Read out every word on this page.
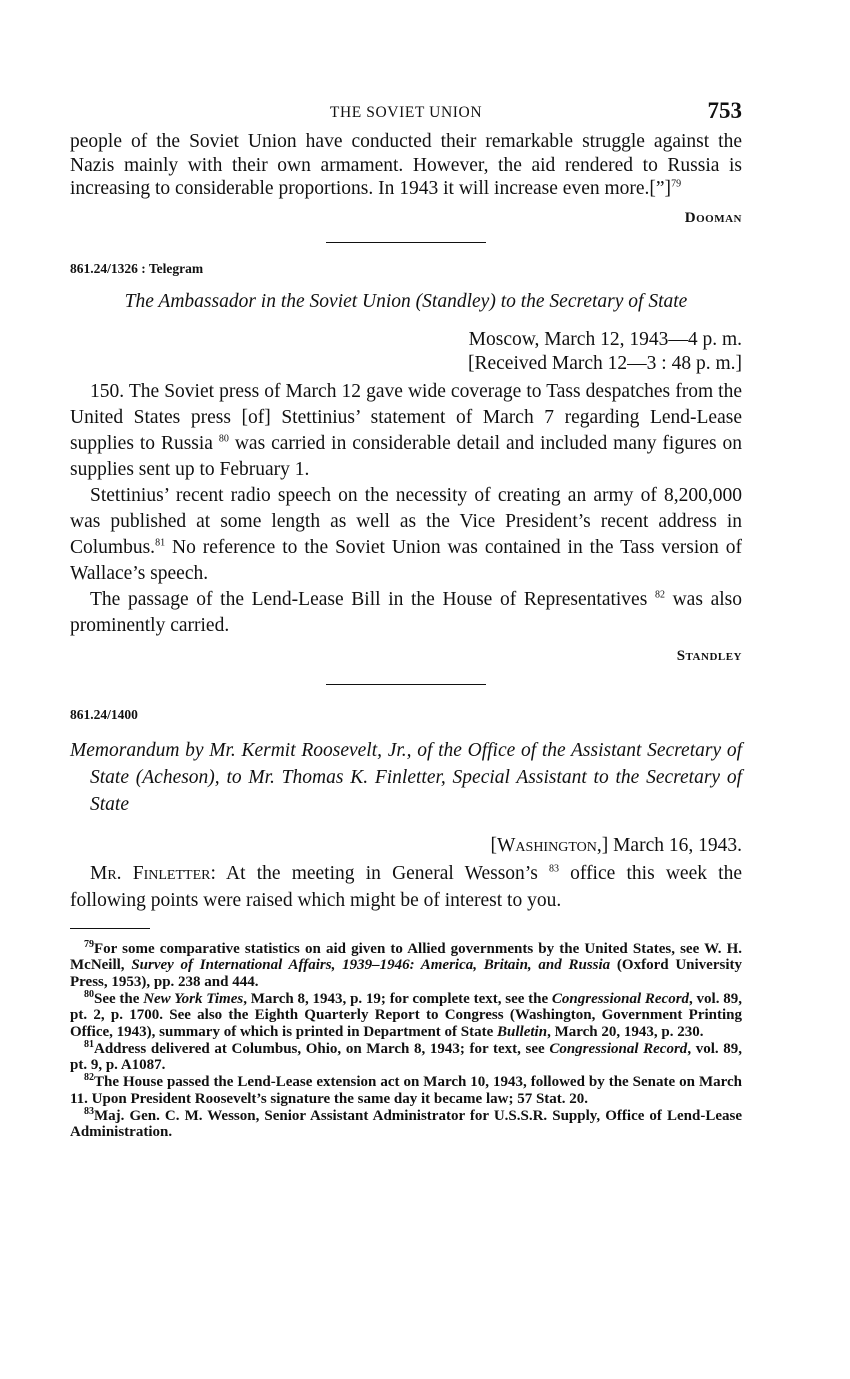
THE SOVIET UNION	753

people of the Soviet Union have conducted their remarkable struggle against the Nazis mainly with their own armament. However, the aid rendered to Russia is increasing to considerable proportions. In 1943 it will increase even more.[”]$^{79}$

Dooman
861.24/1326 : Telegram
The Ambassador in the Soviet Union (Standley) to the Secretary of State
Moscow, March 12, 1943—4 p. m.
[Received March 12—3 : 48 p. m.]

150. The Soviet press of March 12 gave wide coverage to Tass despatches from the United States press [of] Stettinius’ statement of March 7 regarding Lend-Lease supplies to Russia $^{80}$ was carried in considerable detail and included many figures on supplies sent up to February 1.

Stettinius’ recent radio speech on the necessity of creating an army of 8,200,000 was published at some length as well as the Vice President’s recent address in Columbus.$^{81}$ No reference to the Soviet Union was contained in the Tass version of Wallace’s speech.

The passage of the Lend-Lease Bill in the House of Representatives $^{82}$ was also prominently carried.

Standley
861.24/1400
Memorandum by Mr. Kermit Roosevelt, Jr., of the Office of the Assistant Secretary of State (Acheson), to Mr. Thomas K. Finletter, Special Assistant to the Secretary of State
[Washington,] March 16, 1943.

Mr. Finletter: At the meeting in General Wesson’s $^{83}$ office this week the following points were raised which might be of interest to you.

$^{79}$For some comparative statistics on aid given to Allied governments by the United States, see W. H. McNeill, Survey of International Affairs, 1939–1946: America, Britain, and Russia (Oxford University Press, 1953), pp. 238 and 444.

$^{80}$See the New York Times, March 8, 1943, p. 19; for complete text, see the Congressional Record, vol. 89, pt. 2, p. 1700. See also the Eighth Quarterly Report to Congress (Washington, Government Printing Office, 1943), summary of which is printed in Department of State Bulletin, March 20, 1943, p. 230.

$^{81}$Address delivered at Columbus, Ohio, on March 8, 1943; for text, see Congressional Record, vol. 89, pt. 9, p. A1087.

$^{82}$The House passed the Lend-Lease extension act on March 10, 1943, followed by the Senate on March 11. Upon President Roosevelt’s signature the same day it became law; 57 Stat. 20.

$^{83}$Maj. Gen. C. M. Wesson, Senior Assistant Administrator for U.S.S.R. Supply, Office of Lend-Lease Administration.
